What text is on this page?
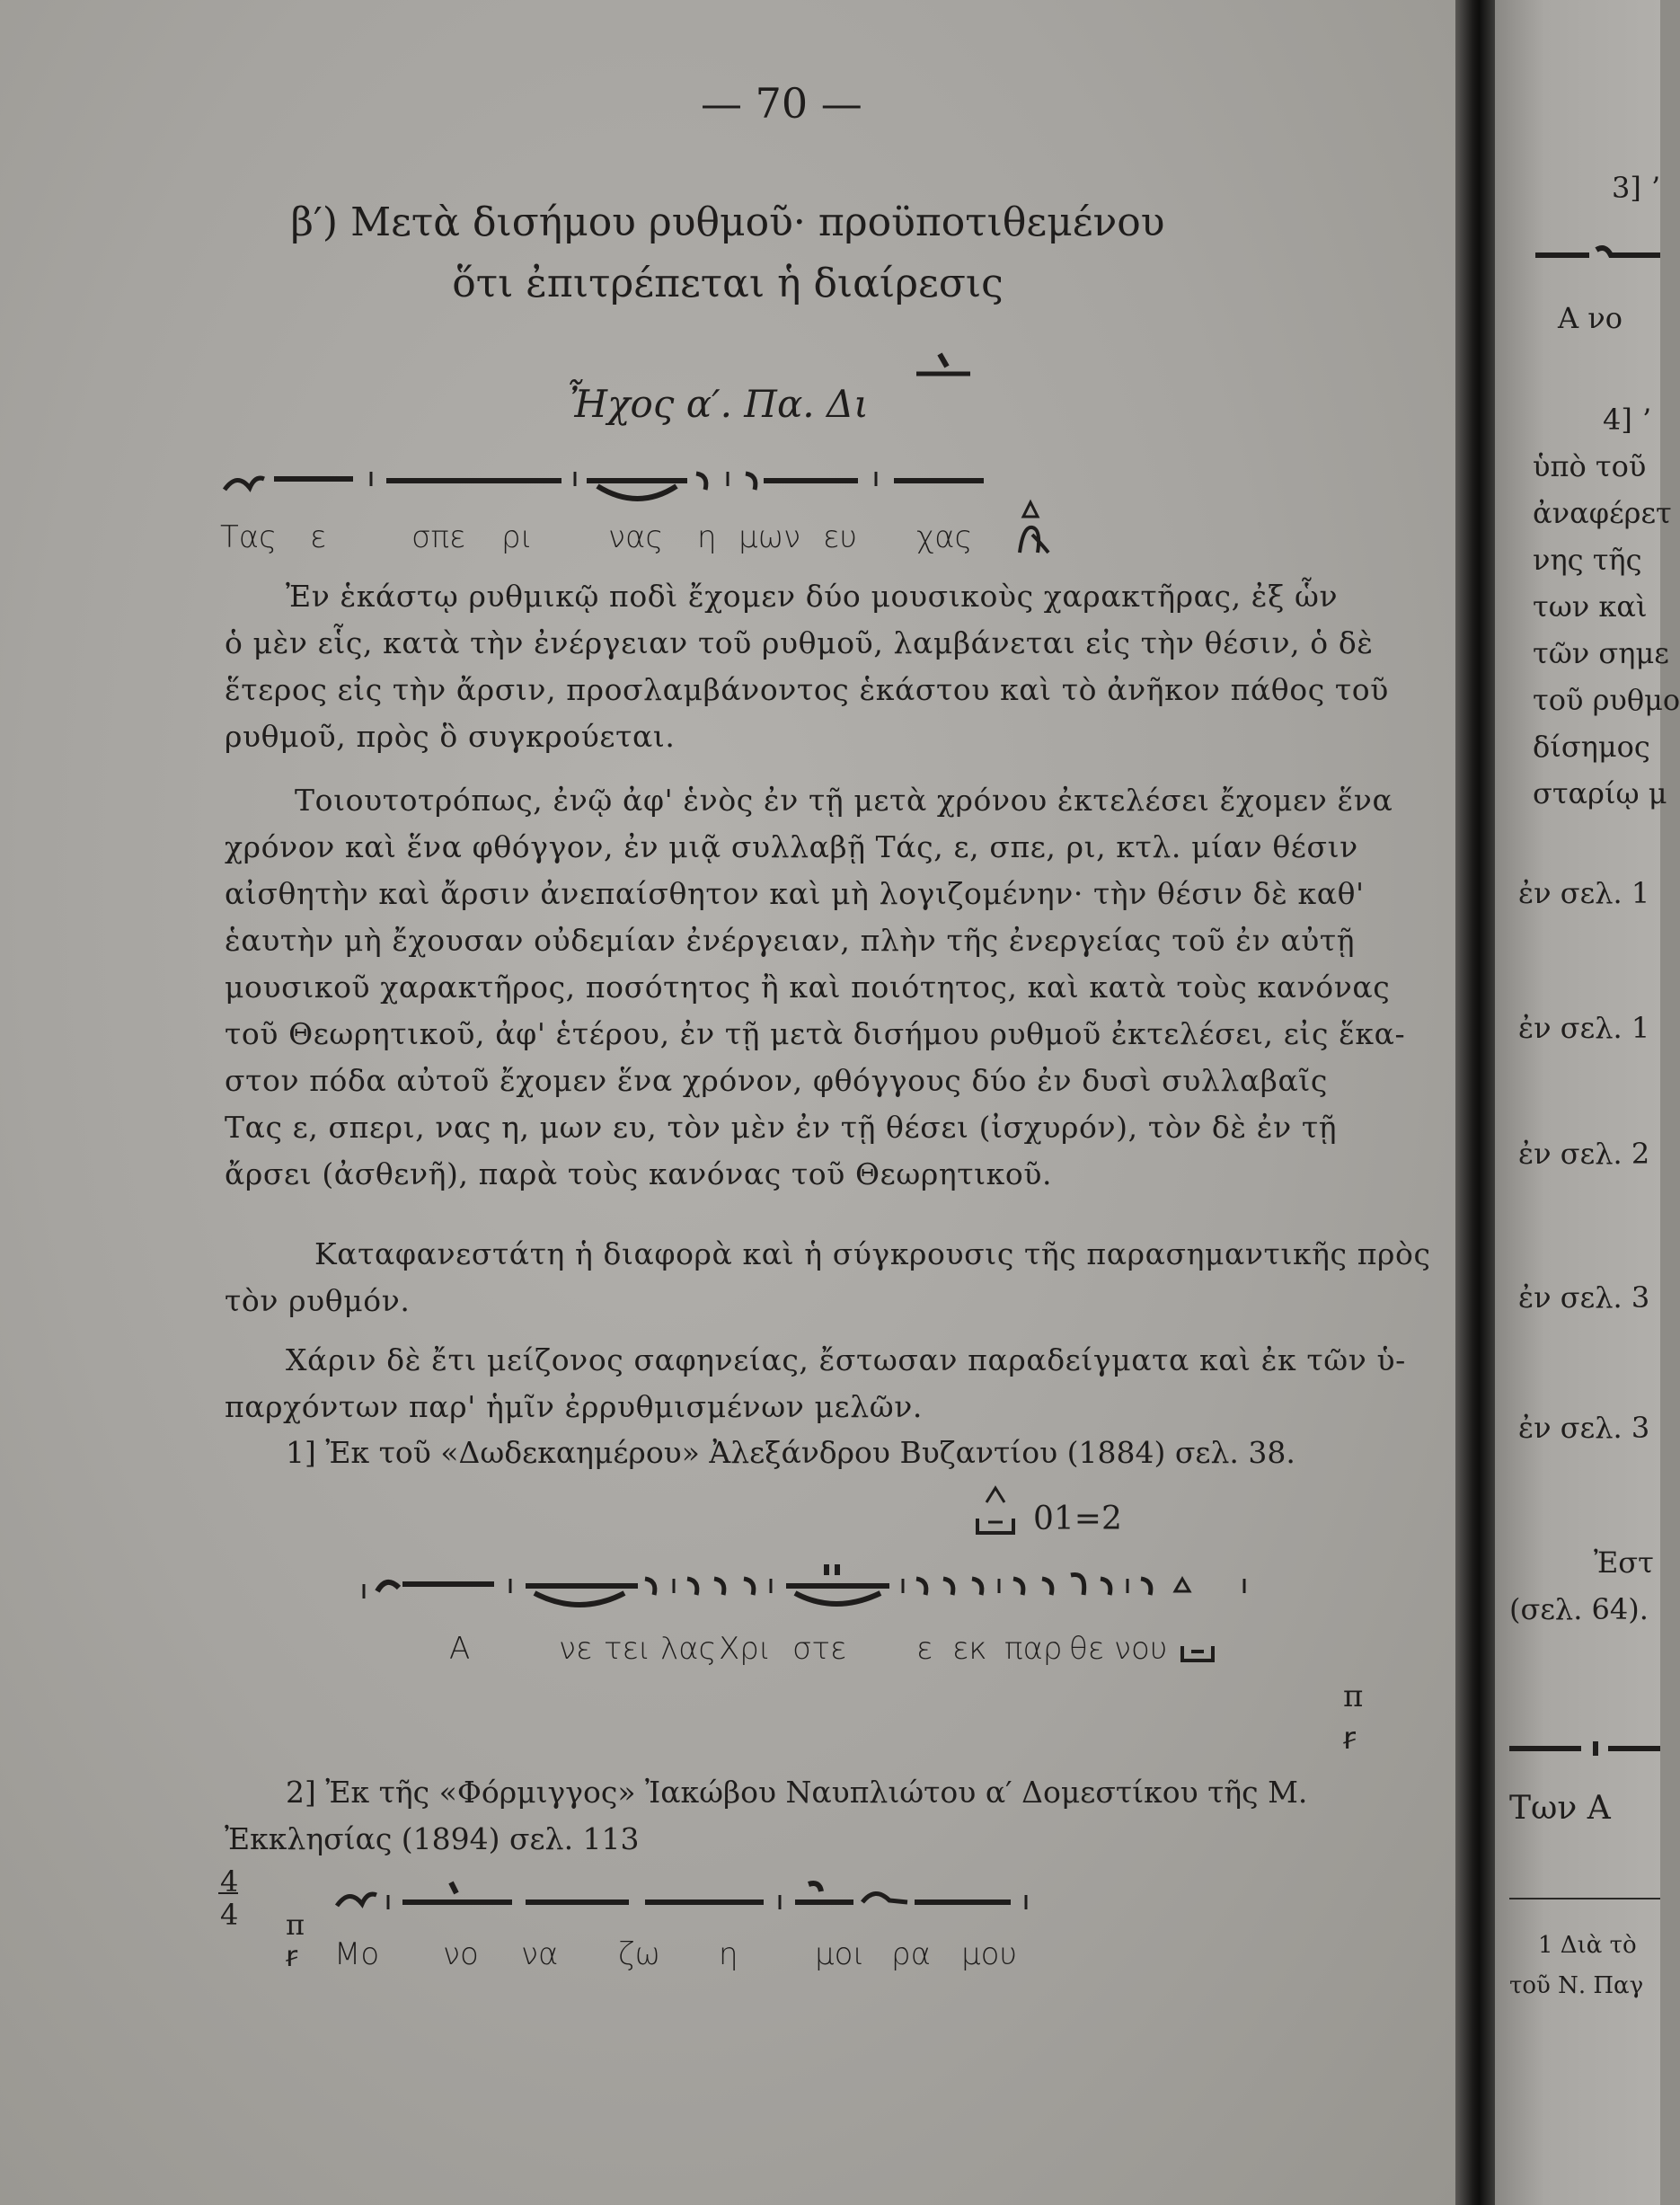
— 70 —
β′) Μετὰ δισήμου ρυθμοῦ· προϋποτιθεμένου
ὅτι ἐπιτρέπεται ἡ διαίρεσις
Ἦχος α′. Πα. Δι
Τας ε	σπε ρι νας η μων ευ χας
Ἐν ἑκάστῳ ρυθμικῷ ποδὶ ἔχομεν δύο μουσικοὺς χαρακτῆρας, ἐξ ὧν
ὁ μὲν εἷς, κατὰ τὴν ἐνέργειαν τοῦ ρυθμοῦ, λαμβάνεται εἰς τὴν θέσιν, ὁ δὲ
ἕτερος εἰς τὴν ἄρσιν, προσλαμβάνοντος ἑκάστου καὶ τὸ ἀνῆκον πάθος τοῦ
ρυθμοῦ, πρὸς ὃ συγκρούεται.
Τοιουτοτρόπως, ἐνῷ ἀφ' ἑνὸς ἐν τῇ μετὰ χρόνου ἐκτελέσει ἔχομεν ἕνα
χρόνον καὶ ἕνα φθόγγον, ἐν μιᾷ συλλαβῇ Τάς, ε, σπε, ρι, κτλ. μίαν θέσιν
αἰσθητὴν καὶ ἄρσιν ἀνεπαίσθητον καὶ μὴ λογιζομένην· τὴν θέσιν δὲ καθ'
ἑαυτὴν μὴ ἔχουσαν οὐδεμίαν ἐνέργειαν, πλὴν τῆς ἐνεργείας τοῦ ἐν αὐτῇ
μουσικοῦ χαρακτῆρος, ποσότητος ἢ καὶ ποιότητος, καὶ κατὰ τοὺς κανόνας
τοῦ Θεωρητικοῦ, ἀφ' ἑτέρου, ἐν τῇ μετὰ δισήμου ρυθμοῦ ἐκτελέσει, εἰς ἕκα-
στον πόδα αὐτοῦ ἔχομεν ἕνα χρόνον, φθόγγους δύο ἐν δυσὶ συλλαβαῖς
Τας ε, σπερι, νας η, μων ευ, τὸν μὲν ἐν τῇ θέσει (ἰσχυρόν), τὸν δὲ ἐν τῇ
ἄρσει (ἀσθενῆ), παρὰ τοὺς κανόνας τοῦ Θεωρητικοῦ.
Καταφανεστάτη ἡ διαφορὰ καὶ ἡ σύγκρουσις τῆς παρασημαντικῆς πρὸς
τὸν ρυθμόν.
Χάριν δὲ ἔτι μείζονος σαφηνείας, ἔστωσαν παραδείγματα καὶ ἐκ τῶν ὑ-
παρχόντων παρ' ἡμῖν ἐρρυθμισμένων μελῶν.
1] Ἐκ τοῦ «Δωδεκαημέρου» Ἀλεξάνδρου Βυζαντίου (1884) σελ. 38.
01=2
Α	νε τει λας Χρι στε ε εκ παρ θε νου
π
ꞧ
2] Ἐκ τῆς «Φόρμιγγος» Ἰακώβου Ναυπλιώτου α′ Δομεστίκου τῆς Μ.
Ἐκκλησίας (1894) σελ. 113
4
4 π
ꞧ Μο νο να ζω η	μοι ρα μου
3] ʼ
Α νο
4] ʼ
ὑπὸ τοῦ
ἀναφέρετ
νης τῆς
των καὶ
τῶν σημε
τοῦ ρυθμο
δίσημος
σταρίῳ μ
ἐν σελ. 1
ἐν σελ. 1
ἐν σελ. 2
ἐν σελ. 3
ἐν σελ. 3
Ἐστ
(σελ. 64).
Των Α
1 Διὰ τὸ
τοῦ Ν. Παγ
